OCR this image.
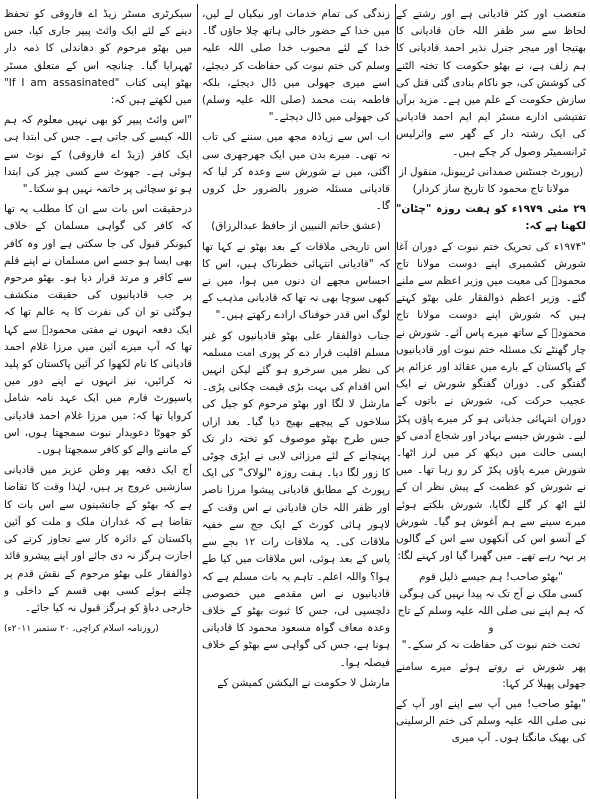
متعصب اور کٹر قادیانی ہے اور رشتے کے لحاظ سے سر ظفر اللہ خان قادیانی کا بھتیجا اور میجر جنرل نذیر احمد قادیانی کا ہم زلف ہے، نے بھٹو حکومت کا تختہ الٹنے کی کوشش کی، جو ناکام بنادی گئی قتل کی سازش حکومت کے علم میں ہے۔ مزید برآں تفتیشی ادارے مسٹر ایم ایم احمد قادیانی کی ایک رشتہ دار کے گھر سے وائرلیس ٹرانسمیٹر وصول کر چکے ہیں۔

(رپورٹ جسٹس صمدانی ٹریبونل، منقول از مولانا تاج محمود کا تاریخ ساز کردار)

۲۹ مئی ۱۹۷۹ء کو ہفت روزہ "چٹان" لکھتا ہے کہ:

"۱۹۷۴ء کی تحریک ختم نبوت کے دوران آغا شورش کشمیری اپنے دوست مولانا تاج محمودؒ کی معیت میں وزیر اعظم سے ملنے گئے۔ وزیر اعظم ذوالفقار علی بھٹو کہتے ہیں کہ شورش اپنے دوست مولانا تاج محمودؒ کے ساتھ میرے پاس آئے۔ شورش نے چار گھنٹے تک مسئلہ ختم نبوت اور قادیانیوں کے پاکستان کے بارے میں عقائد اور عزائم پر گفتگو کی۔ دوران گفتگو شورش نے ایک عجیب حرکت کی، شورش نے باتوں کے دوران انتہائی جذباتی ہو کر میرے پاؤں پکڑ لیے۔ شورش جیسے بہادر اور شجاع آدمی کو ایسی حالت میں دیکھ کر میں لرز اٹھا۔ شورش میرے پاؤں پکڑ کر رو رہا تھا۔ میں نے شورش کو عظمت کے پیش نظر ان کے لئے اٹھ کر گلے لگایا، شورش بلکتے ہوئے میرے سینے سے ہم آغوش ہو گیا۔ شورش کے آنسو اس کی آنکھوں سے اس کے گالوں پر بہہ رہے تھے۔ میں گھبرا گیا اور کہنے لگا:

"بھٹو صاحب! ہم جیسے ذلیل قوم
کسی ملک نے آج تک نہ پیدا نہیں کی ہوگی
کہ ہم اپنے نبی صلی اللہ علیہ وسلم کے تاج و
تخت ختم نبوت کی حفاظت نہ کر سکے۔"

پھر شورش نے روتے ہوئے میرے سامنے جھولی پھیلا کر کہا:

"بھٹو صاحب! میں آپ سے اپنے اور آپ کے نبی صلی اللہ علیہ وسلم کی ختم الرسلینی کی بھیک مانگتا ہوں۔ آپ میری

زندگی کی تمام خدمات اور نیکیاں لے لیں، میں خدا کے حضور خالی ہاتھ چلا جاؤں گا۔ خدا کے لئے محبوب خدا صلی اللہ علیہ وسلم کی ختم نبوت کی حفاظت کر دیجئے، اسے میری جھولی میں ڈال دیجئے، بلکہ فاطمہ بنت محمد (صلی اللہ علیہ وسلم) کی جھولی میں ڈال دیجئے۔"

اب اس سے زیادہ مجھ میں سننے کی تاب نہ تھی۔ میرے بدن میں ایک جھرجھری سی آگئی، میں نے شورش سے وعدہ کر لیا کہ قادیانی مسئلہ ضرور بالضرور حل کروں گا۔

(عشق خاتم النبیین از حافظ عبدالرزاق)

اس تاریخی ملاقات کے بعد بھٹو نے کہا تھا کہ "قادیانی انتہائی خطرناک ہیں، اس کا احساس مجھے ان دنوں میں ہوا، میں نے کبھی سوچا بھی نہ تھا کہ قادیانی مذہب کے لوگ اس قدر خوفناک ارادے رکھتے ہیں۔"

جناب ذوالفقار علی بھٹو قادیانیوں کو غیر مسلم اقلیت قرار دے کر پوری امت مسلمہ کی نظر میں سرخرو ہو گئے لیکن انہیں اس اقدام کی بہت بڑی قیمت چکانی پڑی۔ مارشل لا لگا اور بھٹو مرحوم کو جیل کی سلاخوں کے پیچھے بھیج دیا گیا۔ بعد ازاں جس طرح بھٹو موصوف کو تختہ دار تک پہنچانے کے لئے مرزائی لابی نے ایڑی چوٹی کا زور لگا دیا۔ ہفت روزہ "لولاک" کی ایک رپورٹ کے مطابق قادیانی پیشوا مرزا ناصر اور ظفر اللہ خان قادیانی نے اس وقت کے لاہور ہائی کورٹ کے ایک جج سے خفیہ ملاقات کی۔ یہ ملاقات رات ۱۲ بجے سے پاس کے بعد ہوئی، اس ملاقات میں کیا طے ہوا؟ واللہ اعلم۔ تاہم یہ بات مسلم ہے کہ قادیانیوں نے اس مقدمے میں خصوصی دلچسپی لی، جس کا ثبوت بھٹو کے خلاف وعدہ معاف گواہ مسعود محمود کا قادیانی ہونا ہے، جس کی گواہی سے بھٹو کے خلاف فیصلہ ہوا۔

مارشل لا حکومت نے الیکشن کمیشن کے

سیکرٹری مسٹر زیڈ اے فاروقی کو تحفظ دینے کے لئے ایک وائٹ پیپر جاری کیا، جس میں بھٹو مرحوم کو دھاندلی کا ذمہ دار ٹھہرایا گیا۔ چنانچہ اس کے متعلق مسٹر بھٹو اپنی کتاب "If I am assasinated" میں لکھتے ہیں کہ:

"اس وائٹ پیپر کو بھی نہیں معلوم کہ ہم اللہ کیسے کی جاتی ہے۔ جس کی ابتدا ہی ایک کافر (زیڈ اے فاروقی) کے نوٹ سے ہوئی ہے۔ جھوٹ سے کسی چیز کی ابتدا ہو تو سچائی پر خاتمہ نہیں ہو سکتا۔"

درحقیقت اس بات سے ان کا مطلب یہ تھا کہ کافر کی گواہی مسلمان کے خلاف کیونکر قبول کی جا سکتی ہے اور وہ کافر بھی ایسا ہو جسے اس مسلمان نے اپنے قلم سے کافر و مرتد قرار دیا ہو۔ بھٹو مرحوم پر جب قادیانیوں کی حقیقت منکشف ہوگئی تو ان کی نفرت کا یہ عالم تھا کہ ایک دفعہ انہوں نے مفتی محمودؒ سے کہا تھا کہ آپ میرے آئین میں مرزا غلام احمد قادیانی کا نام لکھوا کر آئین پاکستان کو پلید نہ کرائیں، نیز انہوں نے اپنے دور میں پاسپورٹ فارم میں ایک عہد نامہ شامل کروایا تھا کہ: میں مرزا غلام احمد قادیانی کو جھوٹا دعویدار نبوت سمجھتا ہوں، اس کے ماننے والے کو کافر سمجھتا ہوں۔

آج ایک دفعہ پھر وطن عزیز میں قادیانی سازشیں عروج پر ہیں، لہٰذا وقت کا تقاضا ہے کہ بھٹو کے جانشینوں سے اس بات کا تقاضا ہے کہ غداران ملک و ملت کو آئین پاکستان کے دائرہ کار سے تجاوز کرنے کی اجازت ہرگز نہ دی جائے اور اپنے پیشرو قائد ذوالفقار علی بھٹو مرحوم کے نقش قدم پر چلتے ہوئے کسی بھی قسم کے داخلی و خارجی دباؤ کو ہرگز قبول نہ کیا جائے۔

(روزنامہ اسلام کراچی، ۲۰ ستمبر ۲۰۱۱ء)
